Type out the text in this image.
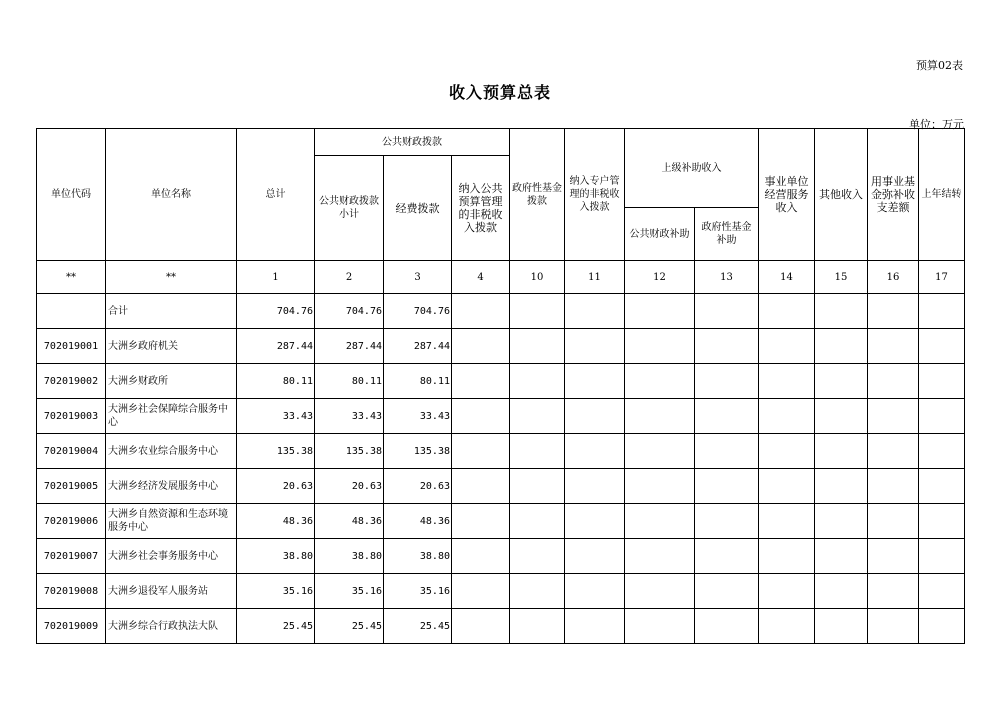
预算02表
收入预算总表
单位：万元
单位代码	单位名称	总计	公共财政拨款			政府性基金拨款	纳入专户管理的非税收入拨款	上级补助收入		事业单位经营服务收入	其他收入	用事业基金弥补收支差额	上年结转
			公共财政拨款小计	经费拨款	纳入公共预算管理的非税收入拨款								
								公共财政补助	政府性基金补助				
**	**	1	2	3	4	10	11	12	13	14	15	16	17
	合计	704.76	704.76	704.76									
702019001	大洲乡政府机关	287.44	287.44	287.44									
702019002	大洲乡财政所	80.11	80.11	80.11									
702019003	大洲乡社会保障综合服务中心	33.43	33.43	33.43									
702019004	大洲乡农业综合服务中心	135.38	135.38	135.38									
702019005	大洲乡经济发展服务中心	20.63	20.63	20.63									
702019006	大洲乡自然资源和生态环境服务中心	48.36	48.36	48.36									
702019007	大洲乡社会事务服务中心	38.80	38.80	38.80									
702019008	大洲乡退役军人服务站	35.16	35.16	35.16									
702019009	大洲乡综合行政执法大队	25.45	25.45	25.45									
